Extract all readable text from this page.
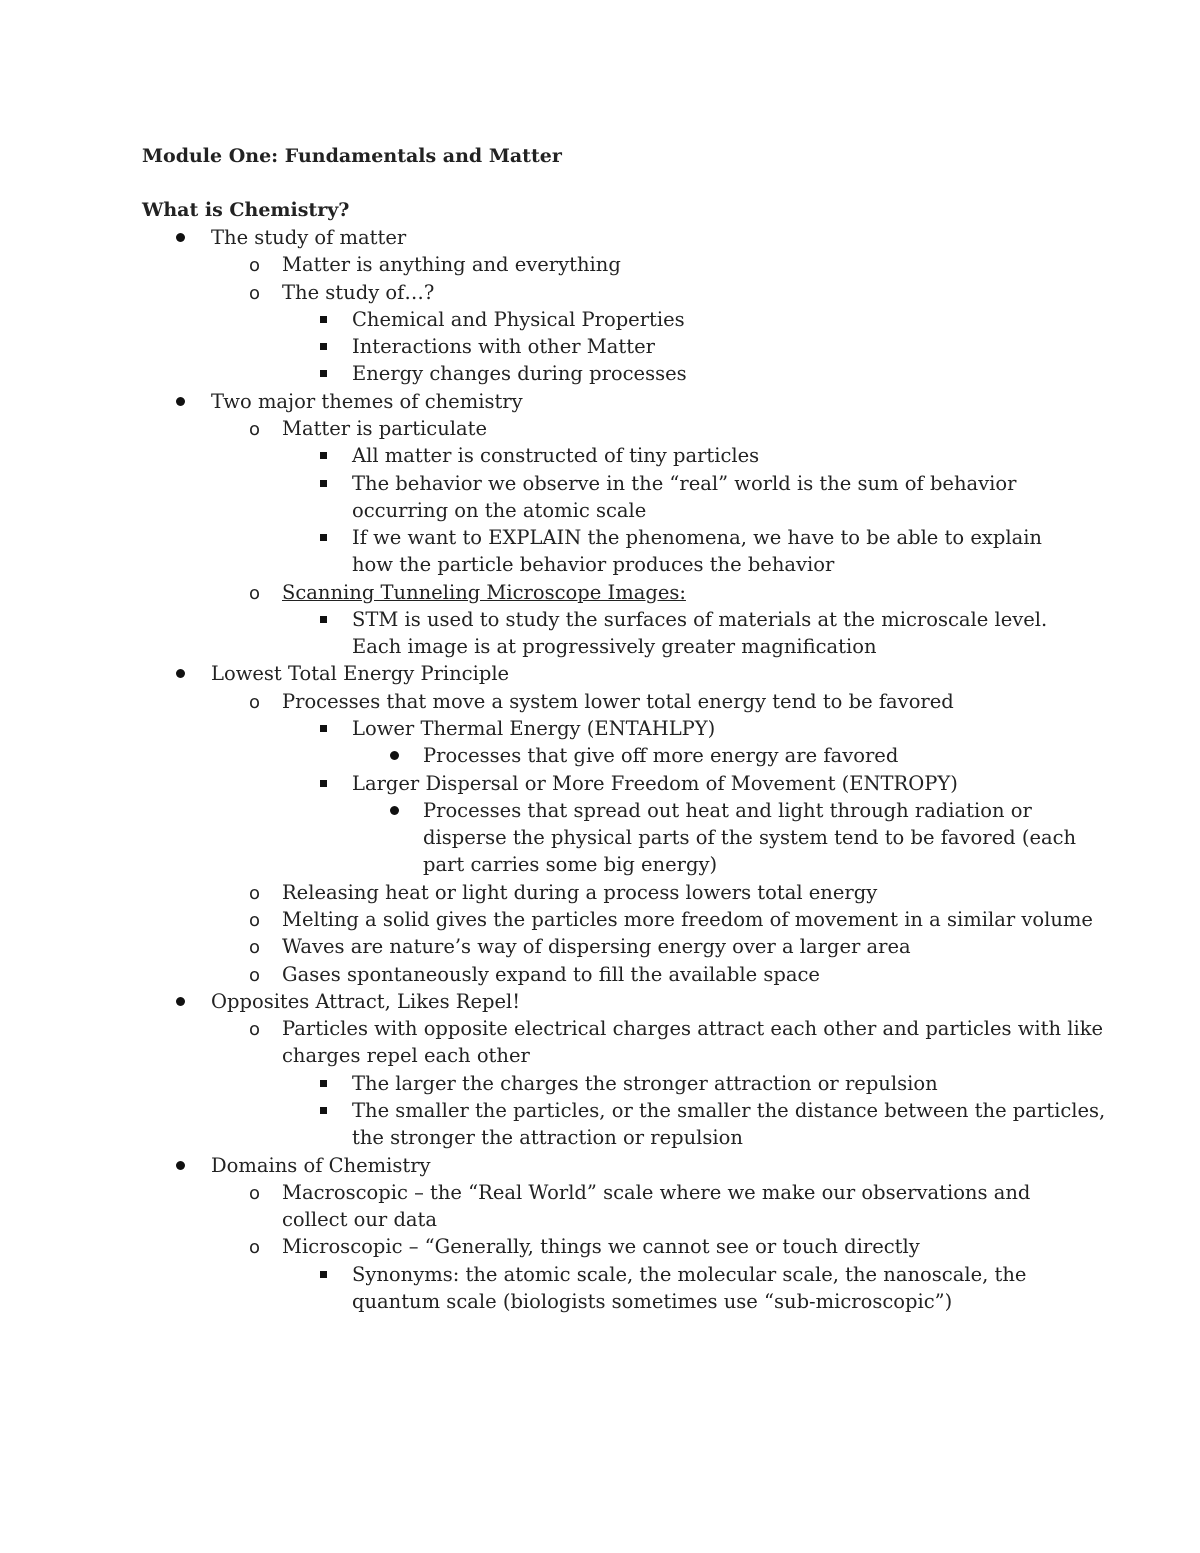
Module One: Fundamentals and Matter
What is Chemistry?
The study of matter
o Matter is anything and everything
o The study of…?
Chemical and Physical Properties
Interactions with other Matter
Energy changes during processes
Two major themes of chemistry
o Matter is particulate
All matter is constructed of tiny particles
The behavior we observe in the “real” world is the sum of behavior
occurring on the atomic scale
If we want to EXPLAIN the phenomena, we have to be able to explain
how the particle behavior produces the behavior
o Scanning Tunneling Microscope Images:
STM is used to study the surfaces of materials at the microscale level.
Each image is at progressively greater magnification
Lowest Total Energy Principle
o Processes that move a system lower total energy tend to be favored
Lower Thermal Energy (ENTAHLPY)
Processes that give off more energy are favored
Larger Dispersal or More Freedom of Movement (ENTROPY)
Processes that spread out heat and light through radiation or
disperse the physical parts of the system tend to be favored (each
part carries some big energy)
o Releasing heat or light during a process lowers total energy
o Melting a solid gives the particles more freedom of movement in a similar volume
o Waves are nature’s way of dispersing energy over a larger area
o Gases spontaneously expand to fill the available space
Opposites Attract, Likes Repel!
o Particles with opposite electrical charges attract each other and particles with like
charges repel each other
The larger the charges the stronger attraction or repulsion
The smaller the particles, or the smaller the distance between the particles,
the stronger the attraction or repulsion
Domains of Chemistry
o Macroscopic – the “Real World” scale where we make our observations and
collect our data
o Microscopic – “Generally, things we cannot see or touch directly
Synonyms: the atomic scale, the molecular scale, the nanoscale, the
quantum scale (biologists sometimes use “sub-microscopic”)
